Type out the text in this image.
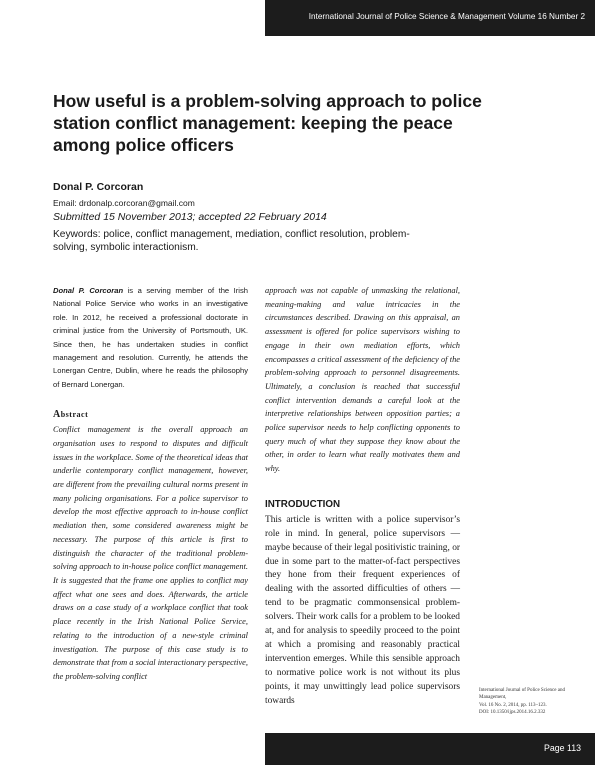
International Journal of Police Science & Management Volume 16 Number 2
How useful is a problem-solving approach to police station conflict management: keeping the peace among police officers
Donal P. Corcoran
Email: drdonalp.corcoran@gmail.com
Submitted 15 November 2013; accepted 22 February 2014
Keywords: police, conflict management, mediation, conflict resolution, problem-solving, symbolic interactionism.

Donal P. Corcoran is a serving member of the Irish National Police Service who works in an investigative role. In 2012, he received a professional doctorate in criminal justice from the University of Portsmouth, UK. Since then, he has undertaken studies in conflict management and resolution. Currently, he attends the Lonergan Centre, Dublin, where he reads the philosophy of Bernard Lonergan.

Abstract

Conflict management is the overall approach an organisation uses to respond to disputes and difficult issues in the workplace. Some of the theoretical ideas that underlie contemporary conflict management, however, are different from the prevailing cultural norms present in many policing organisations. For a police supervisor to develop the most effective approach to in-house conflict mediation then, some considered awareness might be necessary. The purpose of this article is first to distinguish the character of the traditional problem-solving approach to in-house police conflict management. It is suggested that the frame one applies to conflict may affect what one sees and does. Afterwards, the article draws on a case study of a workplace conflict that took place recently in the Irish National Police Service, relating to the introduction of a new-style criminal investigation. The purpose of this case study is to demonstrate that from a social interactionary perspective, the problem-solving conflict

approach was not capable of unmasking the relational, meaning-making and value intricacies in the circumstances described. Drawing on this appraisal, an assessment is offered for police supervisors wishing to engage in their own mediation efforts, which encompasses a critical assessment of the deficiency of the problem-solving approach to personnel disagreements. Ultimately, a conclusion is reached that successful conflict intervention demands a careful look at the interpretive relationships between opposition parties; a police supervisor needs to help conflicting opponents to query much of what they suppose they know about the other, in order to learn what really motivates them and why.

INTRODUCTION

This article is written with a police supervisor’s role in mind. In general, police supervisors — maybe because of their legal positivistic training, or due in some part to the matter-of-fact perspectives they hone from their frequent experiences of dealing with the assorted difficulties of others — tend to be pragmatic commonsensical problem-solvers. Their work calls for a problem to be looked at, and for analysis to speedily proceed to the point at which a promising and reasonably practical intervention emerges. While this sensible approach to normative police work is not without its plus points, it may unwittingly lead police supervisors towards

International Journal of Police Science and Management,
Vol. 16 No. 2, 2014, pp. 113–123.
DOI: 10.1350/ijps.2014.16.2.332
Page 113
